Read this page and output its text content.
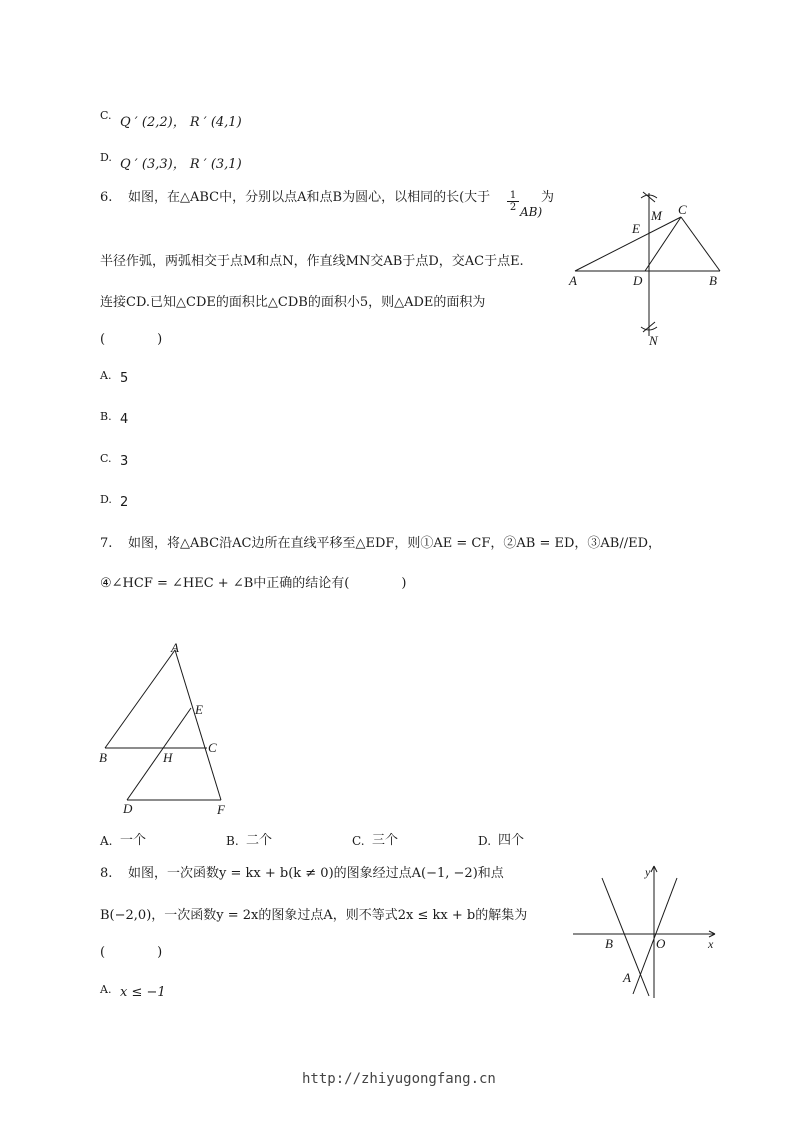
C. Q ′ (2,2)， R ′ (4,1)
D. Q ′ (3,3)， R ′ (3,1)
6. 如图，在△ABC中，分别以点A和点B为圆心，以相同的长(大于 $\frac{1}{2} AB$)
为
半径作弧，两弧相交于点M和点N，作直线MN交AB于点D，交AC于点E.
连接CD.已知△CDE的面积比△CDB的面积小5，则△ADE的面积为
(　　　　)
A. 5
B. 4
C. 3
D. 2
A	B
C
D
E
M
N
7. 如图，将△ABC沿AC边所在直线平移至△EDF，则①AE = CF，②AB = ED，③AB//ED，
④∠HCF = ∠HEC + ∠B中正确的结论有(　　　　)
A
B
C
D
E
F
H
A. 一个	B. 二个	C. 三个	D. 四个
8. 如图，一次函数y = kx + b(k ≠ 0)的图象经过点A(−1, −2)和点
B(−2,0)，一次函数y = 2x的图象过点A，则不等式2x ≤ kx + b的解集为
(　　　　)
A. x ≤ −1
y
x
O
B
A
http://zhiyugongfang.cn
